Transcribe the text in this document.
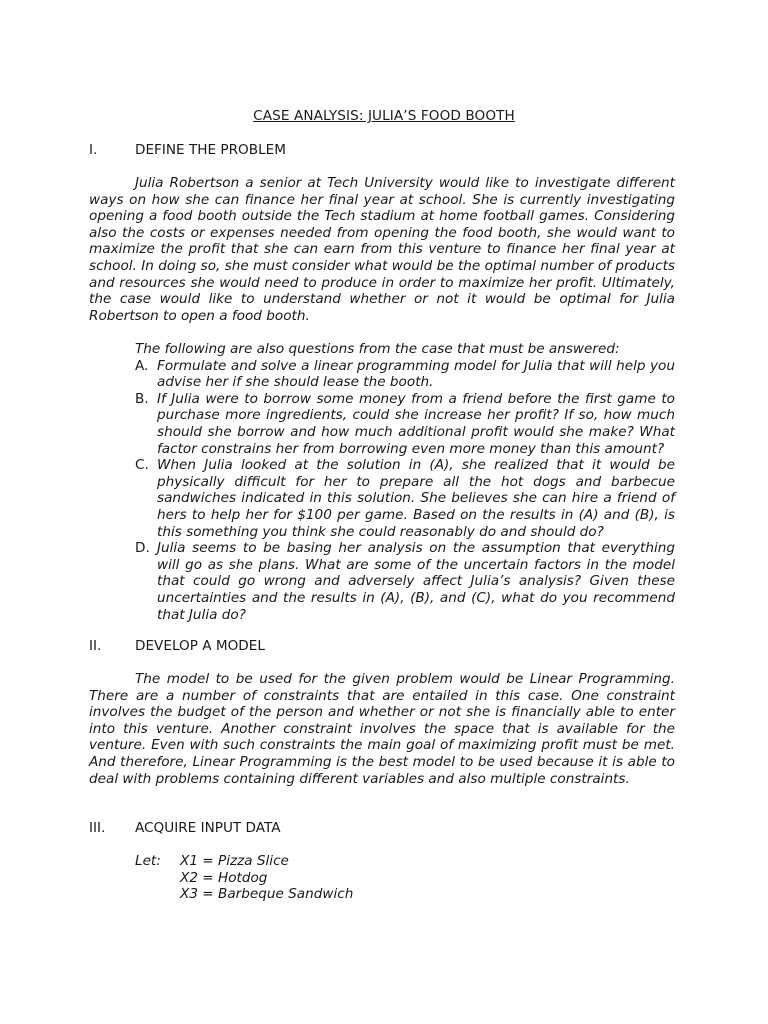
CASE ANALYSIS: JULIA’S FOOD BOOTH
I.	DEFINE THE PROBLEM
Julia Robertson a senior at Tech University would like to investigate different ways on how she can finance her final year at school. She is currently investigating opening a food booth outside the Tech stadium at home football games. Considering also the costs or expenses needed from opening the food booth, she would want to maximize the profit that she can earn from this venture to finance her final year at school. In doing so, she must consider what would be the optimal number of products and resources she would need to produce in order to maximize her profit. Ultimately, the case would like to understand whether or not it would be optimal for Julia Robertson to open a food booth.
The following are also questions from the case that must be answered:
A. Formulate and solve a linear programming model for Julia that will help you advise her if she should lease the booth.
B. If Julia were to borrow some money from a friend before the first game to purchase more ingredients, could she increase her profit? If so, how much should she borrow and how much additional profit would she make? What factor constrains her from borrowing even more money than this amount?
C. When Julia looked at the solution in (A), she realized that it would be physically difficult for her to prepare all the hot dogs and barbecue sandwiches indicated in this solution. She believes she can hire a friend of hers to help her for $100 per game. Based on the results in (A) and (B), is this something you think she could reasonably do and should do?
D. Julia seems to be basing her analysis on the assumption that everything will go as she plans. What are some of the uncertain factors in the model that could go wrong and adversely affect Julia’s analysis? Given these uncertainties and the results in (A), (B), and (C), what do you recommend that Julia do?
II. DEVELOP A MODEL
The model to be used for the given problem would be Linear Programming. There are a number of constraints that are entailed in this case. One constraint involves the budget of the person and whether or not she is financially able to enter into this venture. Another constraint involves the space that is available for the venture. Even with such constraints the main goal of maximizing profit must be met. And therefore, Linear Programming is the best model to be used because it is able to deal with problems containing different variables and also multiple constraints.
III. ACQUIRE INPUT DATA
Let: X1 = Pizza Slice
X2 = Hotdog
X3 = Barbeque Sandwich
